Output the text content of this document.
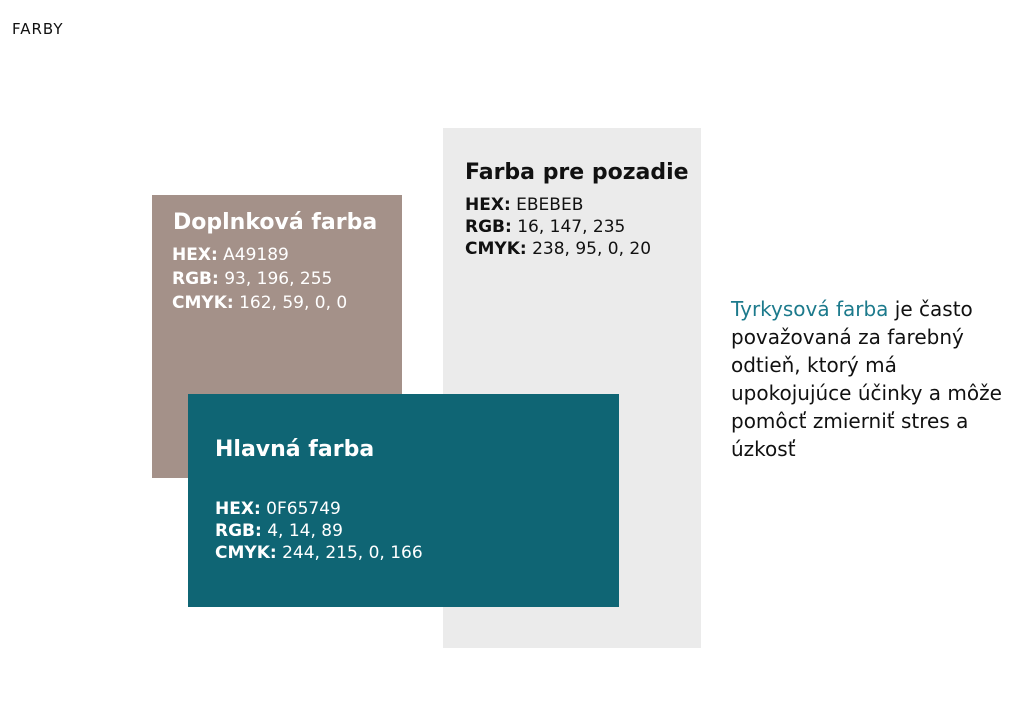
FARBY
Farba pre pozadie
HEX: EBEBEB
RGB: 16, 147, 235
CMYK: 238, 95, 0, 20
Doplnková farba
HEX: A49189
RGB: 93, 196, 255
CMYK: 162, 59, 0, 0
Hlavná farba
HEX: 0F65749
RGB: 4, 14, 89
CMYK: 244, 215, 0, 166
Tyrkysová farba je často považovaná za farebný odtieň, ktorý má upokojujúce účinky a môže pomôcť zmierniť stres a úzkosť
